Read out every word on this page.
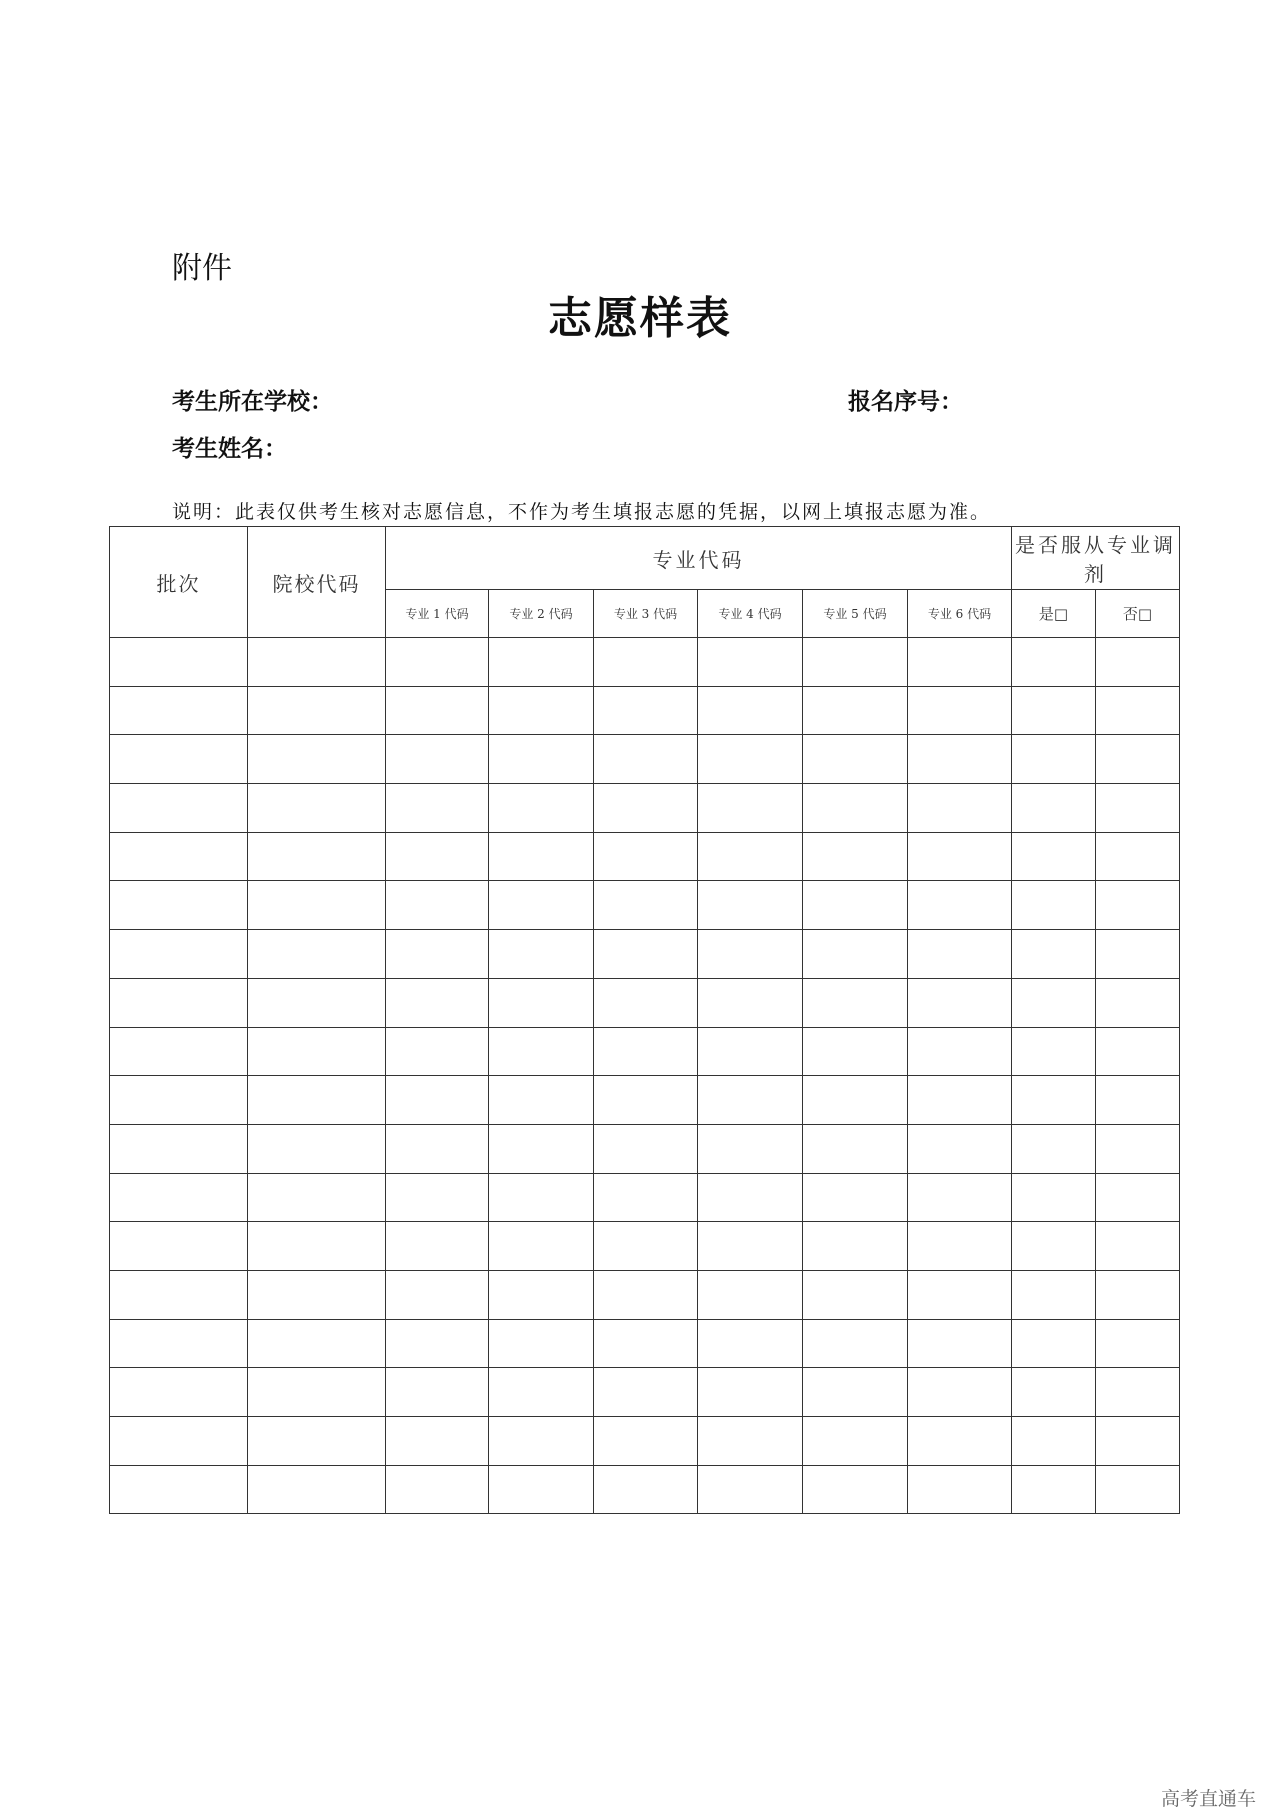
附件
志愿样表
考生所在学校：	报名序号：
考生姓名：
说明：此表仅供考生核对志愿信息，不作为考生填报志愿的凭据，以网上填报志愿为准。
批次	院校代码	专业代码						是否服从专业调剂	
		专业 1 代码	专业 2 代码	专业 3 代码	专业 4 代码	专业 5 代码	专业 6 代码	是□	否□

高考直通车
